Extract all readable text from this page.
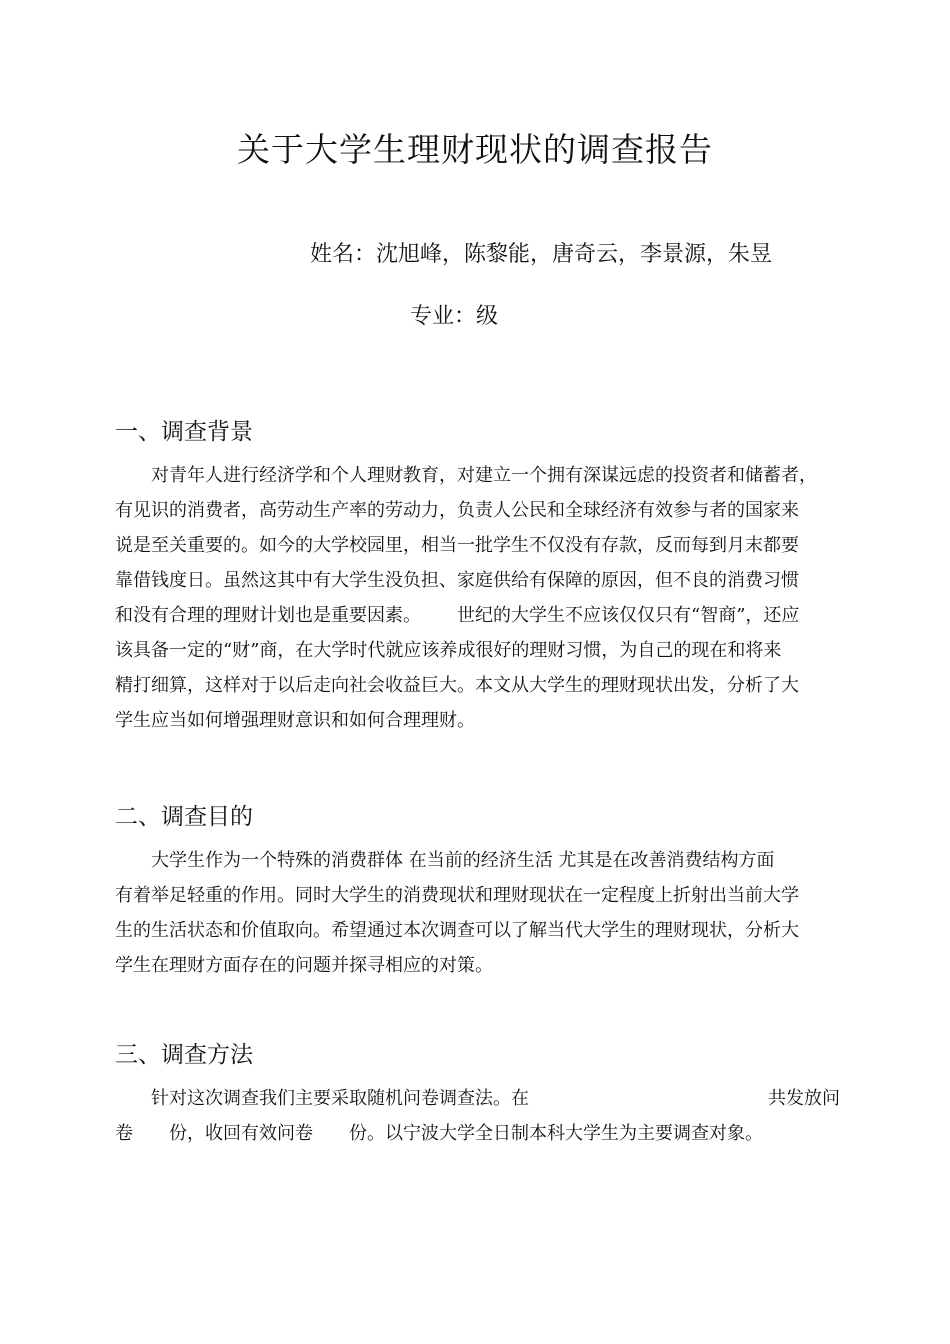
关于大学生理财现状的调查报告
姓名：沈旭峰，陈黎能，唐奇云，李景源，朱昱
专业：级
一、调查背景
对青年人进行经济学和个人理财教育，对建立一个拥有深谋远虑的投资者和储蓄者，
有见识的消费者，高劳动生产率的劳动力，负责人公民和全球经济有效参与者的国家来
说是至关重要的。如今的大学校园里，相当一批学生不仅没有存款，反而每到月末都要
靠借钱度日。虽然这其中有大学生没负担、家庭供给有保障的原因，但不良的消费习惯
和没有合理的理财计划也是重要因素。 世纪的大学生不应该仅仅只有“智商”，还应
该具备一定的“财”商，在大学时代就应该养成很好的理财习惯，为自己的现在和将来
精打细算，这样对于以后走向社会收益巨大。本文从大学生的理财现状出发，分析了大
学生应当如何增强理财意识和如何合理理财。
二、调查目的
大学生作为一个特殊的消费群体 在当前的经济生活 尤其是在改善消费结构方面
有着举足轻重的作用。同时大学生的消费现状和理财现状在一定程度上折射出当前大学
生的生活状态和价值取向。希望通过本次调查可以了解当代大学生的理财现状，分析大
学生在理财方面存在的问题并探寻相应的对策。
三、调查方法
针对这次调查我们主要采取随机问卷调查法。在	共发放问
卷 份，收回有效问卷 份。以宁波大学全日制本科大学生为主要调查对象。
